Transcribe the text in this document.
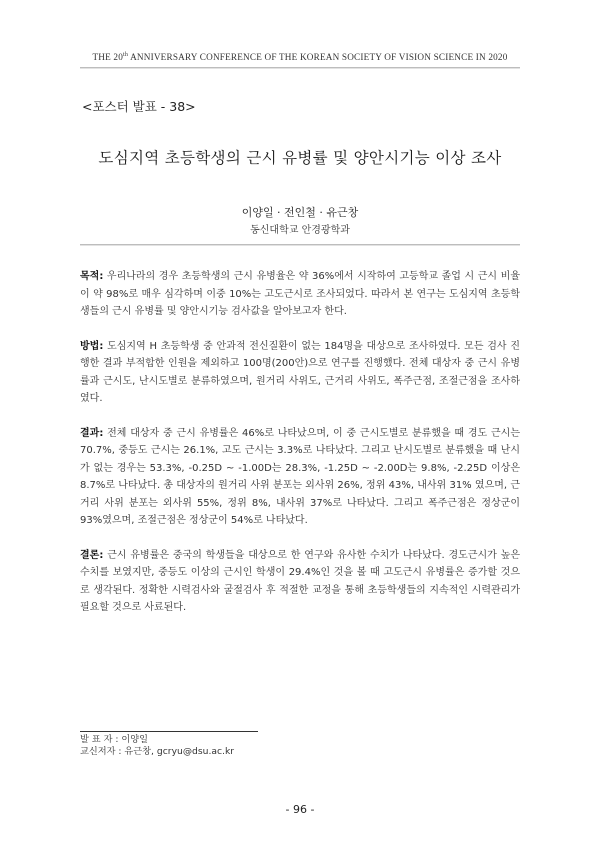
THE 20th ANNIVERSARY CONFERENCE OF THE KOREAN SOCIETY OF VISION SCIENCE IN 2020
<포스터 발표 - 38>
도심지역 초등학생의 근시 유병률 및 양안시기능 이상 조사
이양일 · 전인철 · 유근창
동신대학교 안경광학과

목적: 우리나라의 경우 초등학생의 근시 유병율은 약 36%에서 시작하여 고등학교 졸업 시 근시 비율이 약 98%로 매우 심각하며 이중 10%는 고도근시로 조사되었다. 따라서 본 연구는 도심지역 초등학생들의 근시 유병률 및 양안시기능 검사값을 알아보고자 한다.

방법: 도심지역 H 초등학생 중 안과적 전신질환이 없는 184명을 대상으로 조사하였다. 모든 검사 진행한 결과 부적합한 인원을 제외하고 100명(200안)으로 연구를 진행했다. 전체 대상자 중 근시 유병률과 근시도, 난시도별로 분류하였으며, 원거리 사위도, 근거리 사위도, 폭주근점, 조절근점을 조사하였다.

결과: 전체 대상자 중 근시 유병률은 46%로 나타났으며, 이 중 근시도별로 분류했을 때 경도 근시는 70.7%, 중등도 근시는 26.1%, 고도 근시는 3.3%로 나타났다. 그리고 난시도별로 분류했을 때 난시가 없는 경우는 53.3%, -0.25D ~ -1.00D는 28.3%, -1.25D ~ -2.00D는 9.8%, -2.25D 이상은 8.7%로 나타났다. 총 대상자의 원거리 사위 분포는 외사위 26%, 정위 43%, 내사위 31% 였으며, 근거리 사위 분포는 외사위 55%, 정위 8%, 내사위 37%로 나타났다. 그리고 폭주근점은 정상군이 93%였으며, 조절근점은 정상군이 54%로 나타났다.

결론: 근시 유병률은 중국의 학생들을 대상으로 한 연구와 유사한 수치가 나타났다. 경도근시가 높은 수치를 보였지만, 중등도 이상의 근시인 학생이 29.4%인 것을 볼 때 고도근시 유병률은 증가할 것으로 생각된다. 정확한 시력검사와 굴절검사 후 적절한 교정을 통해 초등학생들의 지속적인 시력관리가 필요할 것으로 사료된다.

발 표 자 : 이양일
교신저자 : 유근창, gcryu@dsu.ac.kr
- 96 -
